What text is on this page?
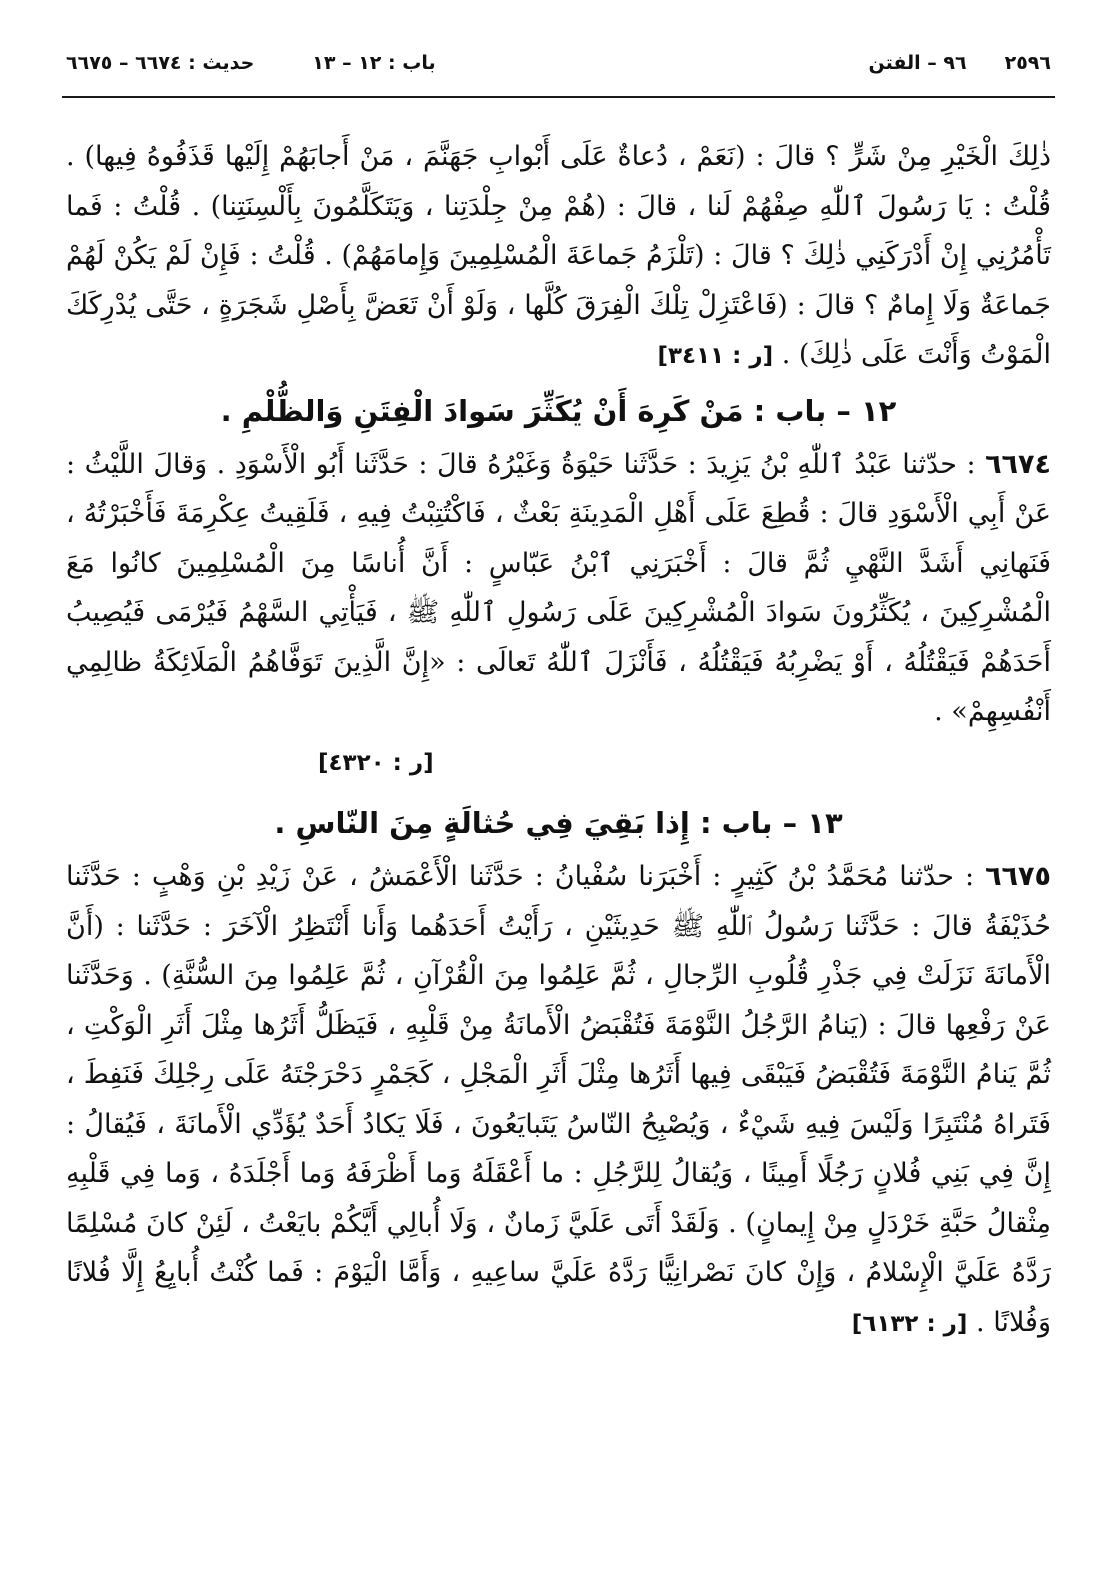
٢٥٩٦
٩٦ – الفتن
باب : ١٢ – ١٣
حديث : ٦٦٧٤ – ٦٦٧٥

ذٰلِكَ الْخَيْرِ مِنْ شَرٍّ ؟ قالَ : (نَعَمْ ، دُعاةٌ عَلَى أَبْوابِ جَهَنَّمَ ، مَنْ أَجابَهُمْ إِلَيْها قَذَفُوهُ فِيها) . قُلْتُ : يَا رَسُولَ ٱللّٰهِ صِفْهُمْ لَنا ، قالَ : (هُمْ مِنْ جِلْدَتِنا ، وَيَتَكَلَّمُونَ بِأَلْسِنَتِنا) . قُلْتُ : فَما تَأْمُرُنِي إِنْ أَدْرَكَنِي ذٰلِكَ ؟ قالَ : (تَلْزَمُ جَماعَةَ الْمُسْلِمِينَ وَإِمامَهُمْ) . قُلْتُ : فَإِنْ لَمْ يَكُنْ لَهُمْ جَماعَةٌ وَلَا إِمامٌ ؟ قالَ : (فَاعْتَزِلْ تِلْكَ الْفِرَقَ كُلَّها ، وَلَوْ أَنْ تَعَضَّ بِأَصْلِ شَجَرَةٍ ، حَتَّى يُدْرِكَكَ الْمَوْتُ وَأَنْتَ عَلَى ذٰلِكَ) . [ر : ٣٤١١]

١٢ – باب : مَنْ كَرِهَ أَنْ يُكَثِّرَ سَوادَ الْفِتَنِ وَالظُّلْمِ .

٦٦٧٤ : حدّثنا عَبْدُ ٱللّٰهِ بْنُ يَزِيدَ : حَدَّثَنا حَيْوَةُ وَغَيْرُهُ قالَ : حَدَّثَنا أَبُو الْأَسْوَدِ . وَقالَ اللَّيْثُ : عَنْ أَبِي الْأَسْوَدِ قالَ : قُطِعَ عَلَى أَهْلِ الْمَدِينَةِ بَعْثٌ ، فَاكْتُتِبْتُ فِيهِ ، فَلَقِيتُ عِكْرِمَةَ فَأَخْبَرْتُهُ ، فَنَهانِي أَشَدَّ النَّهْيِ ثُمَّ قالَ : أَخْبَرَنِي ٱبْنُ عَبّاسٍ : أَنَّ أُناسًا مِنَ الْمُسْلِمِينَ كانُوا مَعَ الْمُشْرِكِينَ ، يُكَثِّرُونَ سَوادَ الْمُشْرِكِينَ عَلَى رَسُولِ ٱللّٰهِ ﷺ ، فَيَأْتِي السَّهْمُ فَيُرْمَى فَيُصِيبُ أَحَدَهُمْ فَيَقْتُلُهُ ، أَوْ يَضْرِبُهُ فَيَقْتُلُهُ ، فَأَنْزَلَ ٱللّٰهُ تَعالَى : «إِنَّ الَّذِينَ تَوَفَّاهُمُ الْمَلَائِكَةُ ظالِمِي أَنْفُسِهِمْ» .

[ر : ٤٣٢٠]
١٣ – باب : إِذا بَقِيَ فِي حُثالَةٍ مِنَ النّاسِ .

٦٦٧٥ : حدّثنا مُحَمَّدُ بْنُ كَثِيرٍ : أَخْبَرَنا سُفْيانُ : حَدَّثَنا الْأَعْمَشُ ، عَنْ زَيْدِ بْنِ وَهْبٍ : حَدَّثَنا حُذَيْفَةُ قالَ : حَدَّثَنا رَسُولُ ٱللّٰهِ ﷺ حَدِيثَيْنِ ، رَأَيْتُ أَحَدَهُما وَأَنا أَنْتَظِرُ الْآخَرَ : حَدَّثَنا : (أَنَّ الْأَمانَةَ نَزَلَتْ فِي جَذْرِ قُلُوبِ الرِّجالِ ، ثُمَّ عَلِمُوا مِنَ الْقُرْآنِ ، ثُمَّ عَلِمُوا مِنَ السُّنَّةِ) . وَحَدَّثَنا عَنْ رَفْعِها قالَ : (يَنامُ الرَّجُلُ النَّوْمَةَ فَتُقْبَضُ الْأَمانَةُ مِنْ قَلْبِهِ ، فَيَظَلُّ أَثَرُها مِثْلَ أَثَرِ الْوَكْتِ ، ثُمَّ يَنامُ النَّوْمَةَ فَتُقْبَضُ فَيَبْقَى فِيها أَثَرُها مِثْلَ أَثَرِ الْمَجْلِ ، كَجَمْرٍ دَحْرَجْتَهُ عَلَى رِجْلِكَ فَنَفِطَ ، فَتَراهُ مُنْتَبِرًا وَلَيْسَ فِيهِ شَيْءٌ ، وَيُصْبِحُ النّاسُ يَتَبايَعُونَ ، فَلَا يَكادُ أَحَدٌ يُؤَدِّي الْأَمانَةَ ، فَيُقالُ : إِنَّ فِي بَنِي فُلانٍ رَجُلًا أَمِينًا ، وَيُقالُ لِلرَّجُلِ : ما أَعْقَلَهُ وَما أَظْرَفَهُ وَما أَجْلَدَهُ ، وَما فِي قَلْبِهِ مِثْقالُ حَبَّةِ خَرْدَلٍ مِنْ إِيمانٍ) . وَلَقَدْ أَتَى عَلَيَّ زَمانٌ ، وَلَا أُبالِي أَيَّكُمْ بايَعْتُ ، لَئِنْ كانَ مُسْلِمًا رَدَّهُ عَلَيَّ الْإِسْلامُ ، وَإِنْ كانَ نَصْرانِيًّا رَدَّهُ عَلَيَّ ساعِيهِ ، وَأَمَّا الْيَوْمَ : فَما كُنْتُ أُبايِعُ إِلَّا فُلانًا وَفُلانًا . [ر : ٦١٣٢]
